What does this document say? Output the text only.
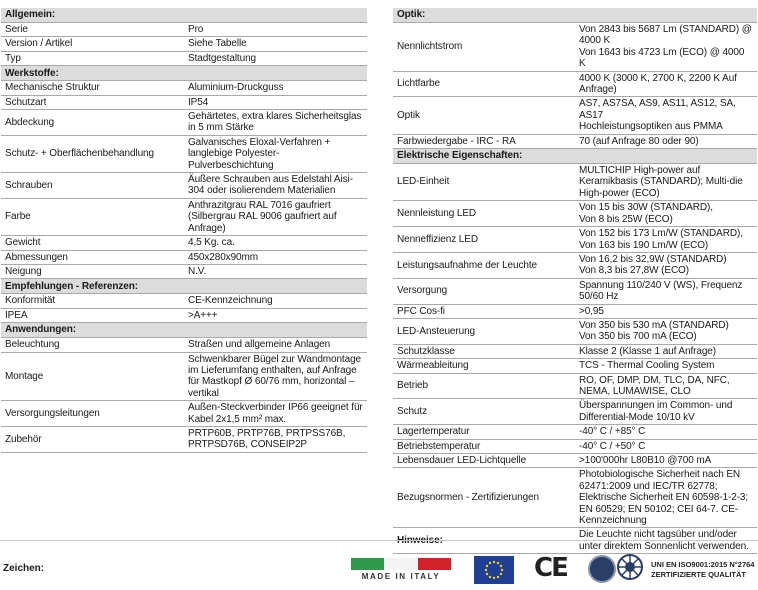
Allgemein:	
Serie	Pro
Version / Artikel	Siehe Tabelle
Typ	Stadtgestaltung
Werkstoffe:	
Mechanische Struktur	Aluminium-Druckguss
Schutzart	IP54
Abdeckung	Gehärtetes, extra klares Sicherheitsglas in 5 mm Stärke
Schutz- + Oberflächenbehandlung	Galvanisches Eloxal-Verfahren + langlebige Polyester-Pulverbeschichtung
Schrauben	Äußere Schrauben aus Edelstahl Aisi-304 oder isolierendem Materialien
Farbe	Anthrazitgrau RAL 7016 gaufriert
(Silbergrau RAL 9006 gaufriert auf Anfrage)
Gewicht	4,5 Kg. ca.
Abmessungen	450x280x90mm
Neigung	N.V.
Empfehlungen - Referenzen:	
Konformität	CE-Kennzeichnung
IPEA	>A+++
Anwendungen:	
Beleuchtung	Straßen und allgemeine Anlagen
Montage	Schwenkbarer Bügel zur Wandmontage im Lieferumfang enthalten, auf Anfrage für Mastkopf Ø 60/76 mm, horizontal – vertikal
Versorgungsleitungen	Außen-Steckverbinder IP66 geeignet für Kabel 2x1,5 mm² max.
Zubehör	PRTP60B, PRTP76B, PRTPSS76B, PRTPSD76B, CONSEIP2P
Optik:	
Nennlichtstrom	Von 2843 bis 5687 Lm (STANDARD) @ 4000 K
Von 1643 bis 4723 Lm (ECO) @ 4000 K
Lichtfarbe	4000 K (3000 K, 2700 K, 2200 K Auf Anfrage)
Optik	AS7, AS7SA, AS9, AS11, AS12, SA, AS17
Hochleistungsoptiken aus PMMA
Farbwiedergabe - IRC - RA	70 (auf Anfrage 80 oder 90)
Elektrische Eigenschaften:	
LED-Einheit	MULTICHIP High-power auf Keramikbasis (STANDARD); Multi-die High-power (ECO)
Nennleistung LED	Von 15 bis 30W (STANDARD),
Von 8 bis 25W (ECO)
Nenneffizienz LED	Von 152 bis 173 Lm/W (STANDARD),
Von 163 bis 190 Lm/W (ECO)
Leistungsaufnahme der Leuchte	Von 16,2 bis 32,9W (STANDARD)
Von 8,3 bis 27,8W (ECO)
Versorgung	Spannung 110/240 V (WS), Frequenz 50/60 Hz
PFC Cos-fi	>0,95
LED-Ansteuerung	Von 350 bis 530 mA (STANDARD)
Von 350 bis 700 mA (ECO)
Schutzklasse	Klasse 2 (Klasse 1 auf Anfrage)
Wärmeableitung	TCS - Thermal Cooling System
Betrieb	RO, OF, DMP, DM, TLC, DA, NFC, NEMA, LUMAWISE, CLO
Schutz	Überspannungen im Common- und Differential-Mode 10/10 kV
Lagertemperatur	-40° C / +85° C
Betriebstemperatur	-40° C / +50° C
Lebensdauer LED-Lichtquelle	>100'000hr L80B10 @700 mA
Bezugsnormen - Zertifizierungen	Photobiologische Sicherheit nach EN 62471:2009 und IEC/TR 62778; Elektrische Sicherheit EN 60598-1-2-3; EN 60529; EN 50102; CEI 64-7. CE-Kennzeichnung
Hinweise:	Die Leuchte nicht tagsüber und/oder unter direktem Sonnenlicht verwenden.
Zeichen:
MADE IN ITALY	CE	UNI EN ISO9001:2015 N°2764
ZERTIFIZIERTE QUALITÄT
